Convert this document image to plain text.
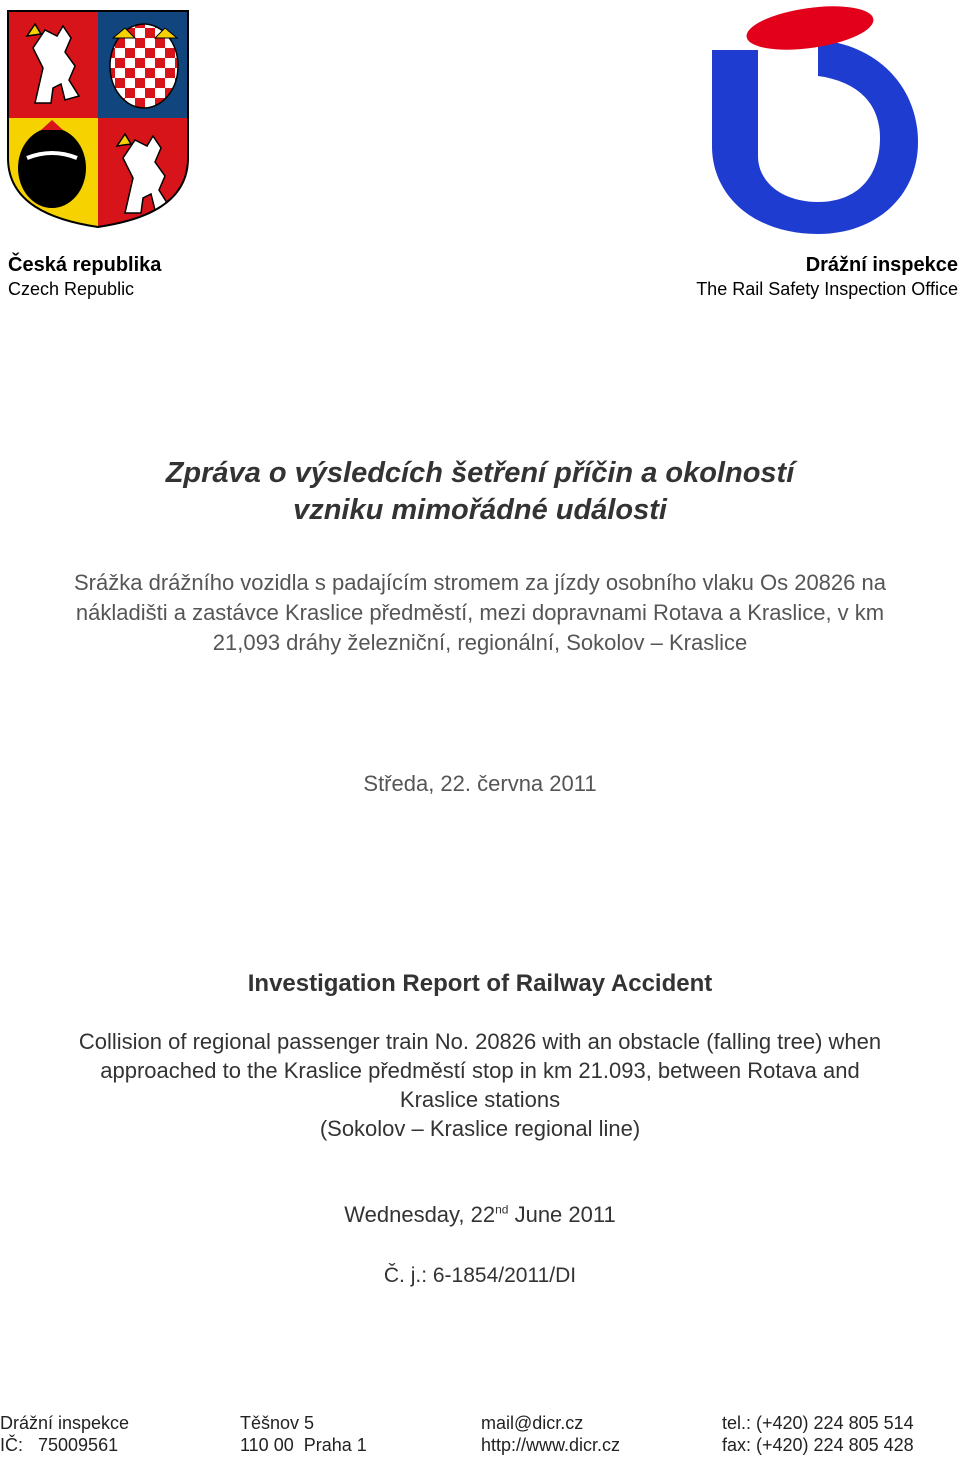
Česká republika
Czech Republic
Drážní inspekce
The Rail Safety Inspection Office
Zpráva o výsledcích šetření příčin a okolností
vzniku mimořádné události
Srážka drážního vozidla s padajícím stromem za jízdy osobního vlaku Os 20826 na nákladišti a zastávce Kraslice předměstí, mezi dopravnami Rotava a Kraslice, v km 21,093 dráhy železniční, regionální, Sokolov – Kraslice
Středa, 22. června 2011
Investigation Report of Railway Accident
Collision of regional passenger train No. 20826 with an obstacle (falling tree) when
approached to the Kraslice předměstí stop in km 21.093, between Rotava and
Kraslice stations
(Sokolov – Kraslice regional line)
Wednesday, 22nd June 2011
Č. j.: 6-1854/2011/DI
Drážní inspekce
IČ:   75009561
Těšnov 5
110 00  Praha 1
mail@dicr.cz
http://www.dicr.cz
tel.: (+420) 224 805 514
fax: (+420) 224 805 428
